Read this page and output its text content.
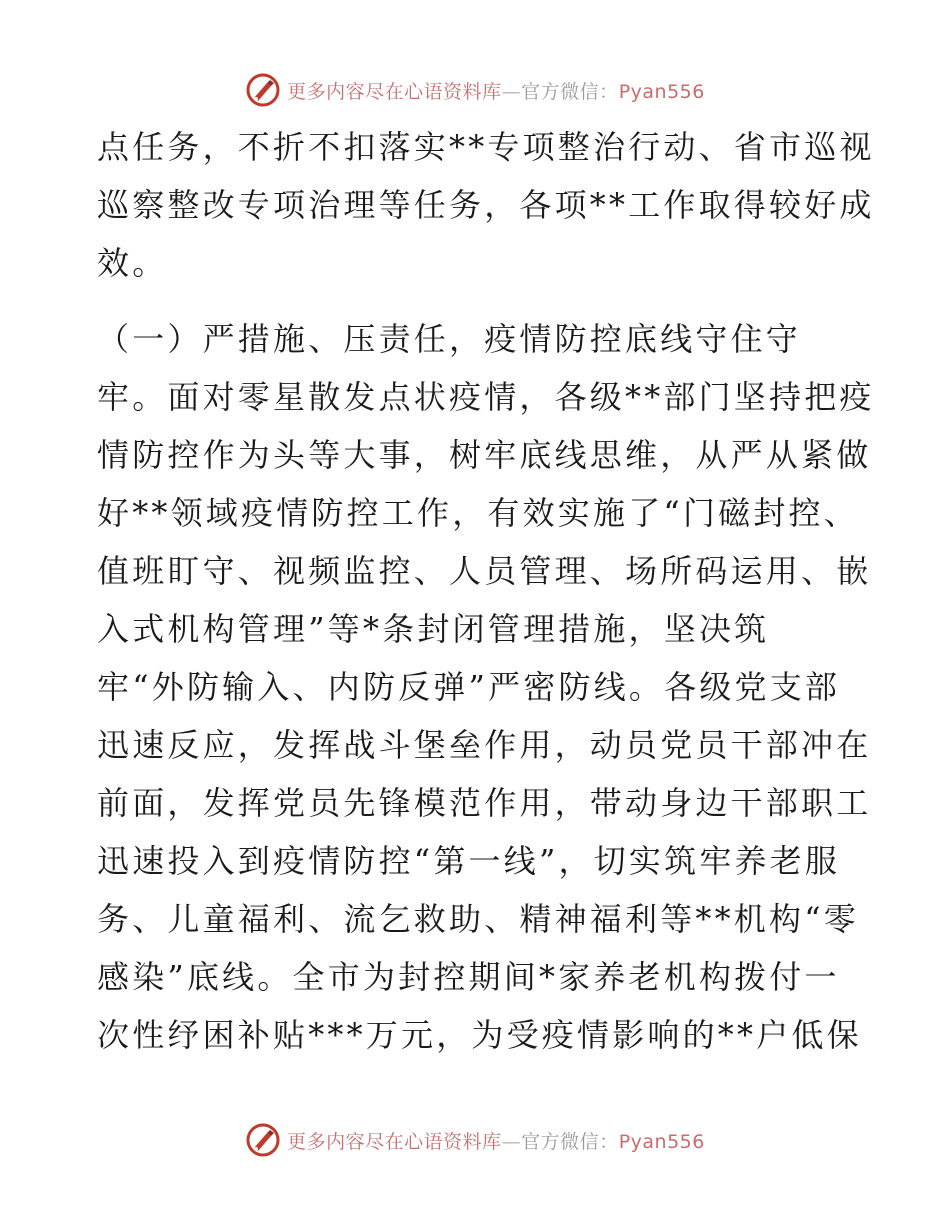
更多内容尽在心语资料库—官方微信：Pyan556
点任务，不折不扣落实**专项整治行动、省市巡视
巡察整改专项治理等任务，各项**工作取得较好成
效。
（一）严措施、压责任，疫情防控底线守住守
牢。面对零星散发点状疫情，各级**部门坚持把疫
情防控作为头等大事，树牢底线思维，从严从紧做
好**领域疫情防控工作，有效实施了“门磁封控、
值班盯守、视频监控、人员管理、场所码运用、嵌
入式机构管理”等*条封闭管理措施，坚决筑
牢“外防输入、内防反弹”严密防线。各级党支部
迅速反应，发挥战斗堡垒作用，动员党员干部冲在
前面，发挥党员先锋模范作用，带动身边干部职工
迅速投入到疫情防控“第一线”，切实筑牢养老服
务、儿童福利、流乞救助、精神福利等**机构“零
感染”底线。全市为封控期间*家养老机构拨付一
次性纾困补贴***万元，为受疫情影响的**户低保
更多内容尽在心语资料库—官方微信：Pyan556
